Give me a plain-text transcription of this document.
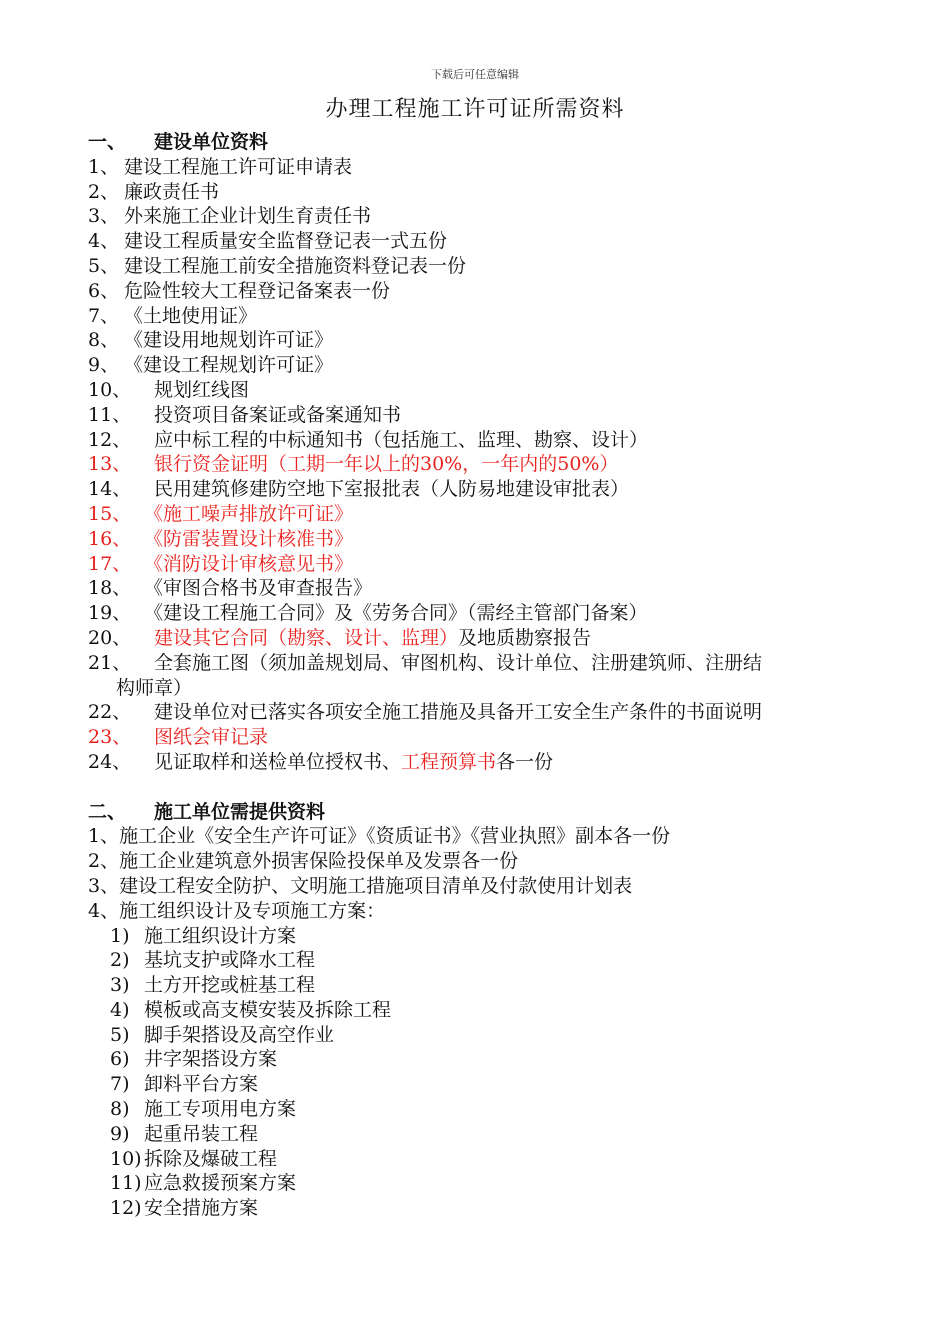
下载后可任意编辑
办理工程施工许可证所需资料
一、 建设单位资料
1、 建设工程施工许可证申请表
2、 廉政责任书
3、 外来施工企业计划生育责任书
4、 建设工程质量安全监督登记表一式五份
5、 建设工程施工前安全措施资料登记表一份
6、 危险性较大工程登记备案表一份
7、 《土地使用证》
8、 《建设用地规划许可证》
9、 《建设工程规划许可证》
10、 规划红线图
11、 投资项目备案证或备案通知书
12、 应中标工程的中标通知书（包括施工、监理、勘察、设计）
13、 银行资金证明（工期一年以上的30%，一年内的50%）
14、 民用建筑修建防空地下室报批表（人防易地建设审批表）
15、 《施工噪声排放许可证》
16、 《防雷装置设计核准书》
17、 《消防设计审核意见书》
18、 《审图合格书及审查报告》
19、 《建设工程施工合同》及《劳务合同》（需经主管部门备案）
20、 建设其它合同（勘察、设计、监理）及地质勘察报告
21、 全套施工图（须加盖规划局、审图机构、设计单位、注册建筑师、注册结
构师章）
22、 建设单位对已落实各项安全施工措施及具备开工安全生产条件的书面说明
23、 图纸会审记录
24、 见证取样和送检单位授权书、工程预算书各一份
二、 施工单位需提供资料
1、施工企业《安全生产许可证》《资质证书》《营业执照》副本各一份
2、施工企业建筑意外损害保险投保单及发票各一份
3、建设工程安全防护、文明施工措施项目清单及付款使用计划表
4、施工组织设计及专项施工方案：
1) 施工组织设计方案
2) 基坑支护或降水工程
3) 土方开挖或桩基工程
4) 模板或高支模安装及拆除工程
5) 脚手架搭设及高空作业
6) 井字架搭设方案
7) 卸料平台方案
8) 施工专项用电方案
9) 起重吊装工程
10) 拆除及爆破工程
11) 应急救援预案方案
12) 安全措施方案
